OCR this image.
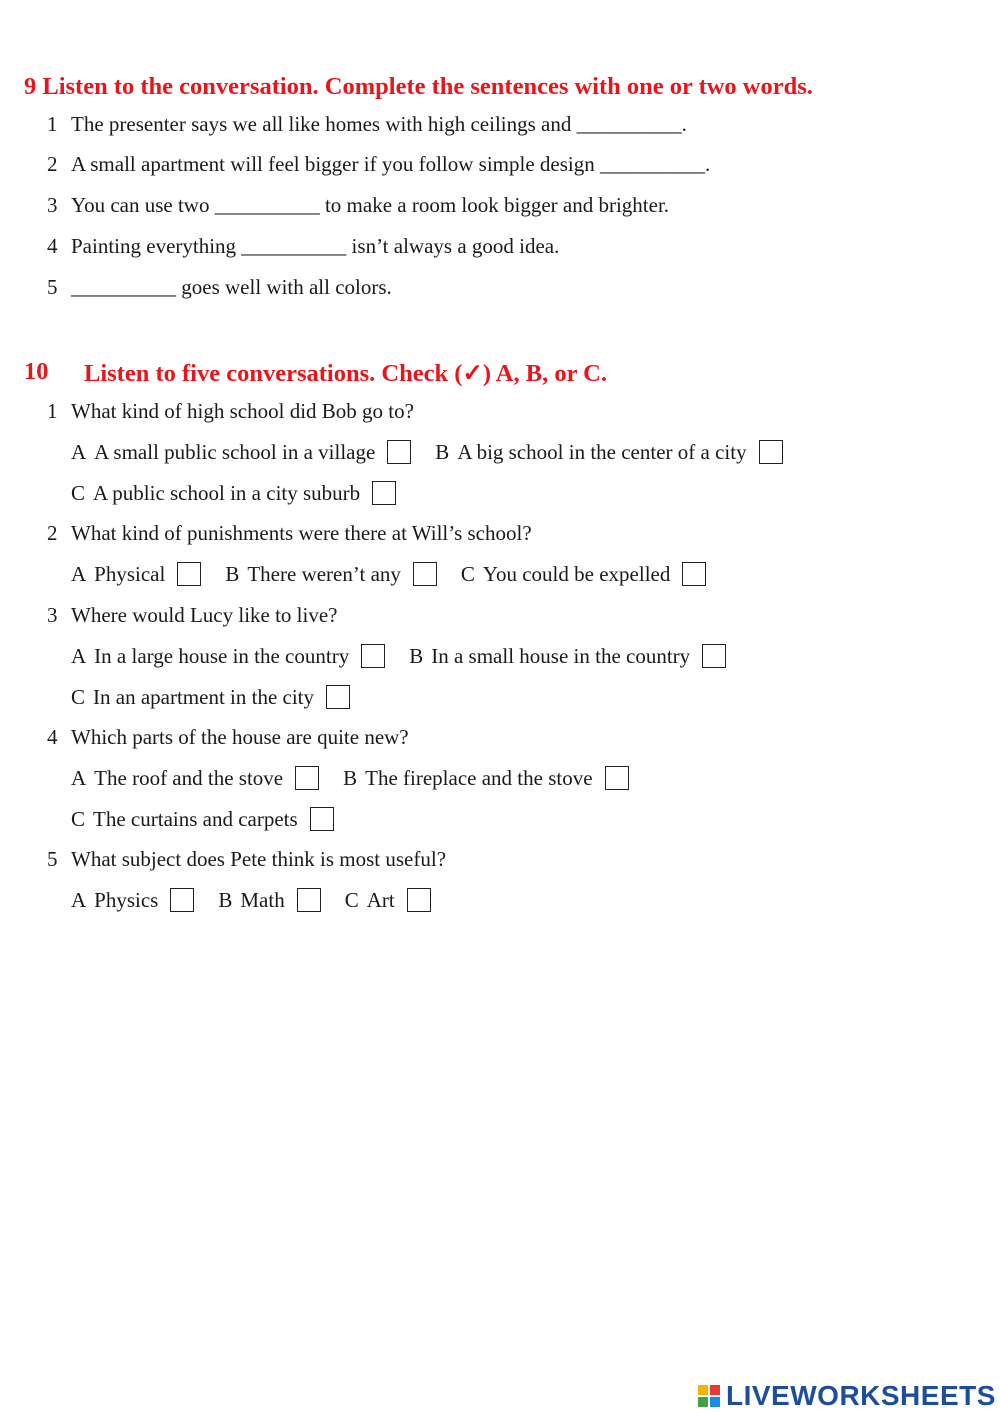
9 Listen to the conversation. Complete the sentences with one or two words.
1 The presenter says we all like homes with high ceilings and __________.
2 A small apartment will feel bigger if you follow simple design __________.
3 You can use two __________ to make a room look bigger and brighter.
4 Painting everything __________ isn’t always a good idea.
5 __________ goes well with all colors.
10 Listen to five conversations. Check (✓) A, B, or C.
1 What kind of high school did Bob go to?
A A small public school in a village	B A big school in the center of a city
C A public school in a city suburb
2 What kind of punishments were there at Will’s school?
A Physical	B There weren’t any	C You could be expelled
3 Where would Lucy like to live?
A In a large house in the country	B In a small house in the country
C In an apartment in the city
4 Which parts of the house are quite new?
A The roof and the stove	B The fireplace and the stove
C The curtains and carpets
5 What subject does Pete think is most useful?
A Physics	B Math	C Art
LIVEWORKSHEETS
